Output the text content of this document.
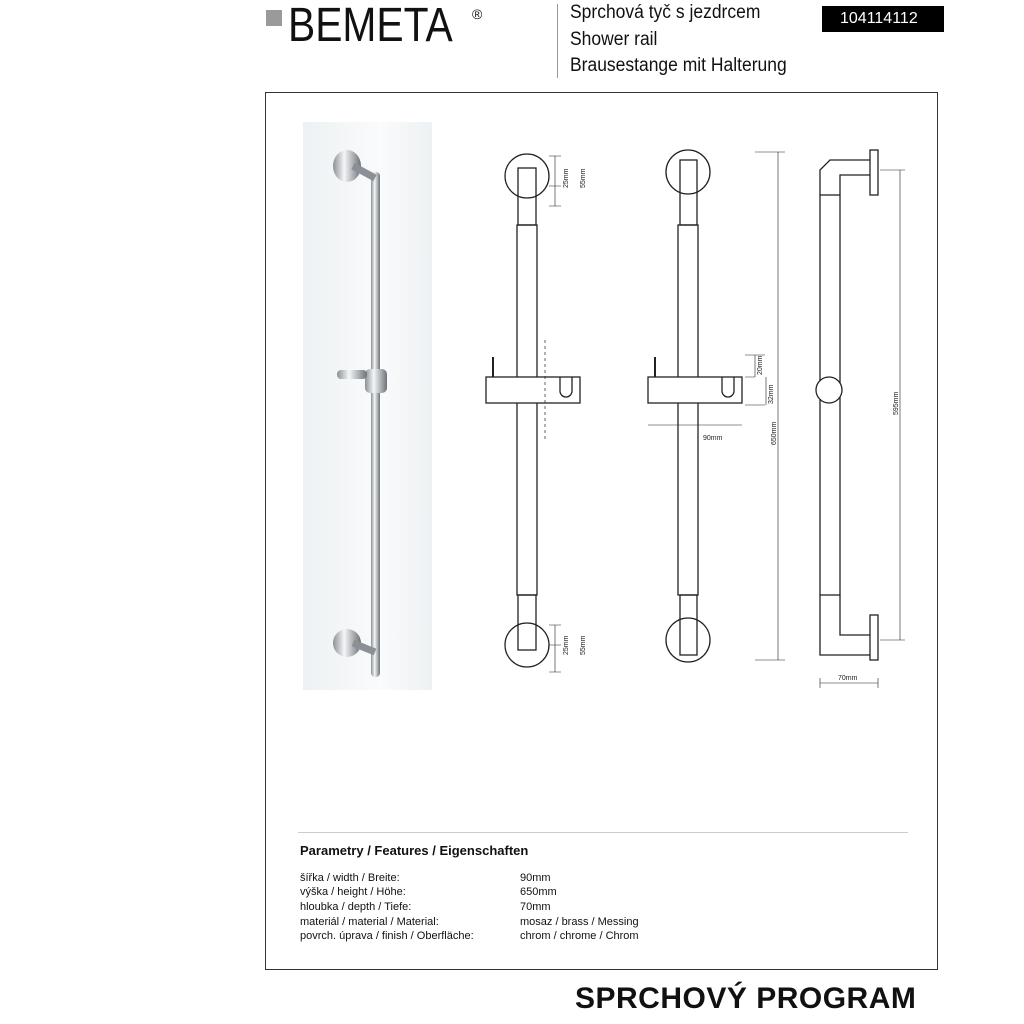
BEMETA ®	Sprchová tyč s jezdrcem
Shower rail
Brausestange mit Halterung
104114112
25mm 55mm
25mm 55mm
20mm
32mm
90mm	650mm
595mm
70mm
Parametry / Features / Eigenschaften
šířka / width / Breite:	90mm
výška / height / Höhe:	650mm
hloubka / depth / Tiefe:	70mm
materiál / material / Material:	mosaz / brass / Messing
povrch. úprava / finish / Oberfläche:	chrom / chrome / Chrom
SPRCHOVÝ PROGRAM
